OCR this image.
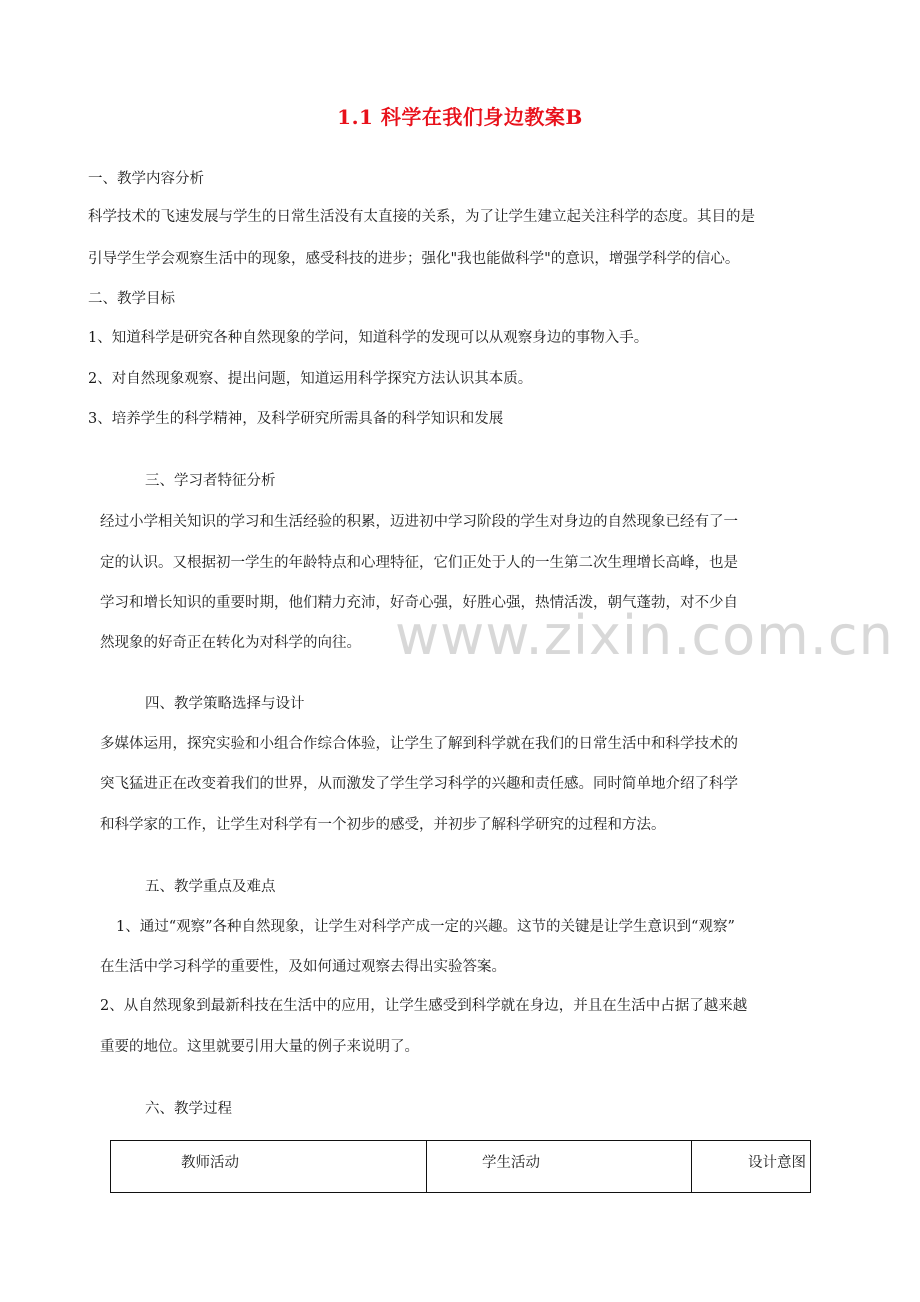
1.1 科学在我们身边教案B
www.zixin.com.cn
一、教学内容分析
科学技术的飞速发展与学生的日常生活没有太直接的关系，为了让学生建立起关注科学的态度。其目的是
引导学生学会观察生活中的现象，感受科技的进步；强化"我也能做科学"的意识，增强学科学的信心。
二、教学目标
1、知道科学是研究各种自然现象的学问，知道科学的发现可以从观察身边的事物入手。
2、对自然现象观察、提出问题，知道运用科学探究方法认识其本质。
3、培养学生的科学精神，及科学研究所需具备的科学知识和发展
三、学习者特征分析
经过小学相关知识的学习和生活经验的积累，迈进初中学习阶段的学生对身边的自然现象已经有了一
定的认识。又根据初一学生的年龄特点和心理特征，它们正处于人的一生第二次生理增长高峰，也是
学习和增长知识的重要时期，他们精力充沛，好奇心强，好胜心强，热情活泼，朝气蓬勃，对不少自
然现象的好奇正在转化为对科学的向往。
四、教学策略选择与设计
多媒体运用，探究实验和小组合作综合体验，让学生了解到科学就在我们的日常生活中和科学技术的
突飞猛进正在改变着我们的世界，从而激发了学生学习科学的兴趣和责任感。同时简单地介绍了科学
和科学家的工作，让学生对科学有一个初步的感受，并初步了解科学研究的过程和方法。
五、教学重点及难点
1、通过“观察”各种自然现象，让学生对科学产成一定的兴趣。这节的关键是让学生意识到“观察”
在生活中学习科学的重要性，及如何通过观察去得出实验答案。
2、从自然现象到最新科技在生活中的应用，让学生感受到科学就在身边，并且在生活中占据了越来越
重要的地位。这里就要引用大量的例子来说明了。
六、教学过程
教师活动	学生活动	设计意图
